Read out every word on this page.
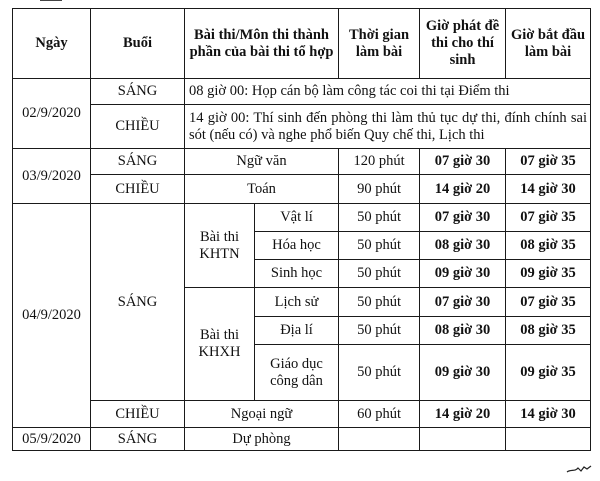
Ngày	Buổi	Bài thi/Môn thi thành phần của bài thi tổ hợp		Thời gian làm bài	Giờ phát đề thi cho thí sinh	Giờ bắt đầu làm bài
02/9/2020	SÁNG	08 giờ 00: Họp cán bộ làm công tác coi thi tại Điểm thi				
	CHIỀU	14 giờ 00: Thí sinh đến phòng thi làm thủ tục dự thi, đính chính sai sót (nếu có) và nghe phổ biến Quy chế thi, Lịch thi				
03/9/2020	SÁNG	Ngữ văn		120 phút	07 giờ 30	07 giờ 35
	CHIỀU	Toán		90 phút	14 giờ 20	14 giờ 30
04/9/2020	SÁNG	Bài thi KHTN	Vật lí	50 phút	07 giờ 30	07 giờ 35
			Hóa học	50 phút	08 giờ 30	08 giờ 35
			Sinh học	50 phút	09 giờ 30	09 giờ 35
		Bài thi KHXH	Lịch sử	50 phút	07 giờ 30	07 giờ 35
			Địa lí	50 phút	08 giờ 30	08 giờ 35
			Giáo dục công dân	50 phút	09 giờ 30	09 giờ 35
	CHIỀU	Ngoại ngữ		60 phút	14 giờ 20	14 giờ 30
05/9/2020	SÁNG	Dự phòng				
